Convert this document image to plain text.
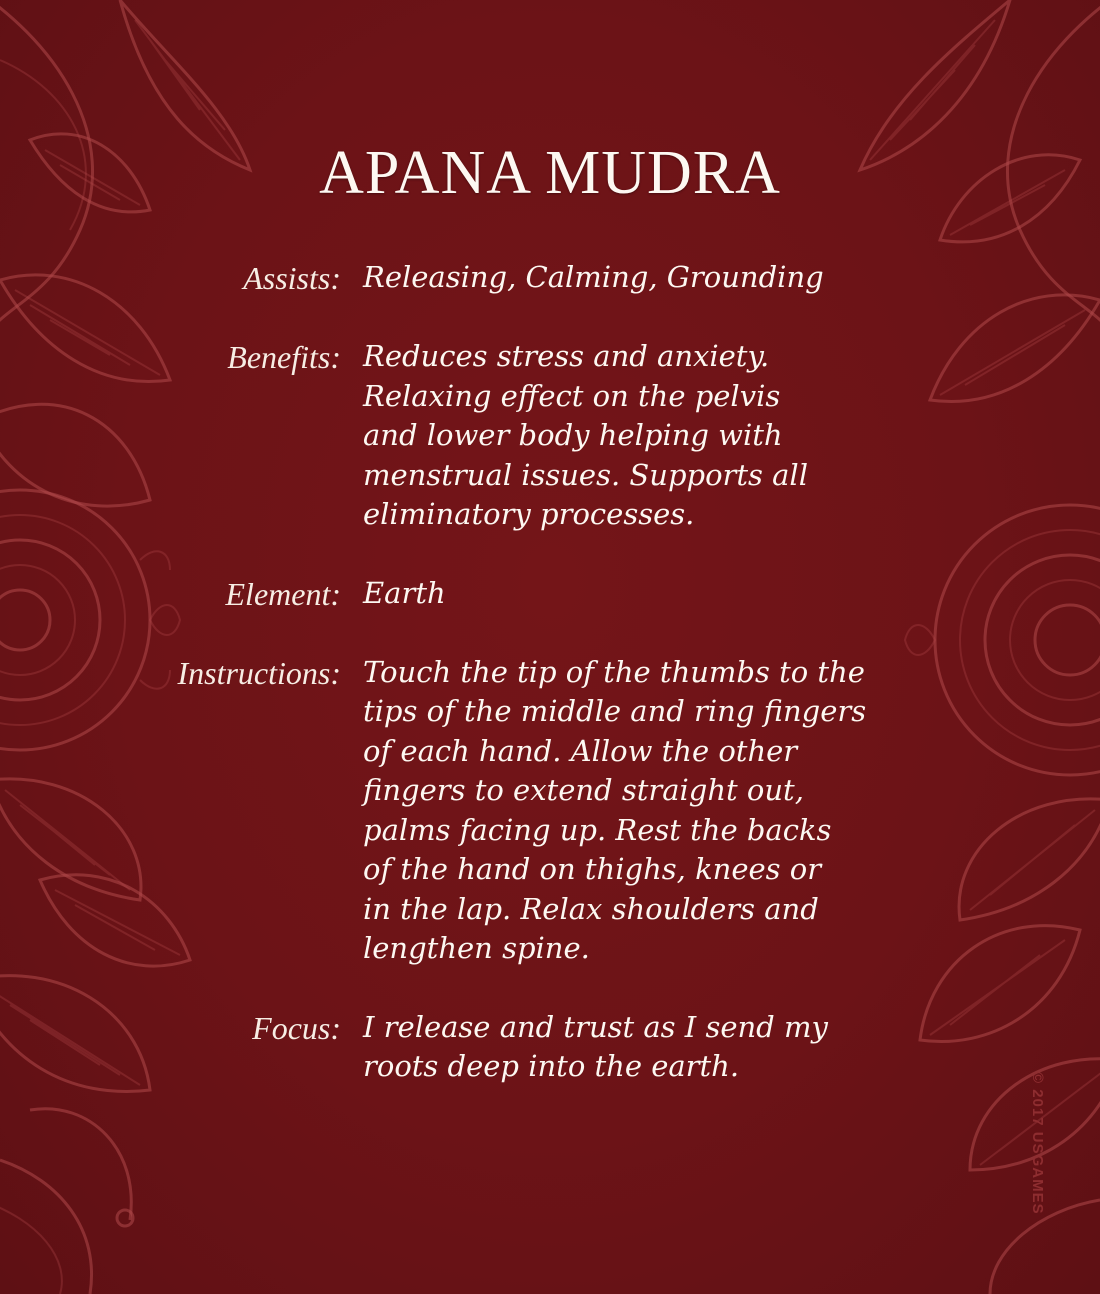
APANA MUDRA
Assists: Releasing, Calming, Grounding
Benefits: Reduces stress and anxiety.
Relaxing effect on the pelvis
and lower body helping with
menstrual issues. Supports all
eliminatory processes.
Element: Earth
Instructions: Touch the tip of the thumbs to the
tips of the middle and ring fingers
of each hand. Allow the other
fingers to extend straight out,
palms facing up. Rest the backs
of the hand on thighs, knees or
in the lap. Relax shoulders and
lengthen spine.
Focus: I release and trust as I send my
roots deep into the earth.
© 2017 USGAMES
